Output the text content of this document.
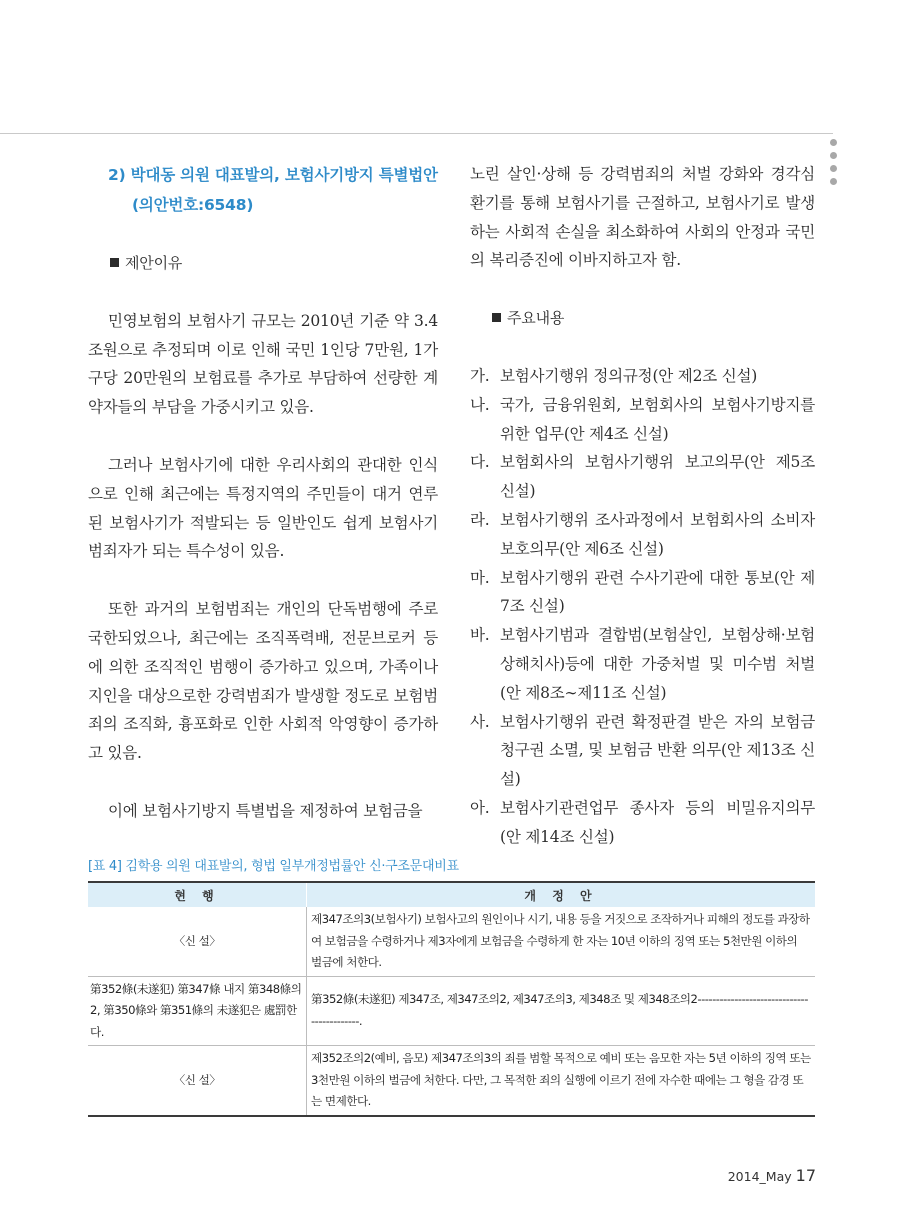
2) 박대동 의원 대표발의, 보험사기방지 특별법안
(의안번호:6548)
제안이유

민영보험의 보험사기 규모는 2010년 기준 약 3.4조원으로 추정되며 이로 인해 국민 1인당 7만원, 1가구당 20만원의 보험료를 추가로 부담하여 선량한 계약자들의 부담을 가중시키고 있음.

그러나 보험사기에 대한 우리사회의 관대한 인식으로 인해 최근에는 특정지역의 주민들이 대거 연루된 보험사기가 적발되는 등 일반인도 쉽게 보험사기범죄자가 되는 특수성이 있음.

또한 과거의 보험범죄는 개인의 단독범행에 주로 국한되었으나, 최근에는 조직폭력배, 전문브로커 등에 의한 조직적인 범행이 증가하고 있으며, 가족이나 지인을 대상으로한 강력범죄가 발생할 정도로 보험범죄의 조직화, 흉포화로 인한 사회적 악영향이 증가하고 있음.

이에 보험사기방지 특별법을 제정하여 보험금을

노린 살인·상해 등 강력범죄의 처벌 강화와 경각심 환기를 통해 보험사기를 근절하고, 보험사기로 발생하는 사회적 손실을 최소화하여 사회의 안정과 국민의 복리증진에 이바지하고자 함.

주요내용
가. 보험사기행위 정의규정(안 제2조 신설)
나. 국가, 금융위원회, 보험회사의 보험사기방지를 위한 업무(안 제4조 신설)
다. 보험회사의 보험사기행위 보고의무(안 제5조 신설)
라. 보험사기행위 조사과정에서 보험회사의 소비자 보호의무(안 제6조 신설)
마. 보험사기행위 관련 수사기관에 대한 통보(안 제7조 신설)
바. 보험사기범과 결합범(보험살인, 보험상해·보험상해치사)등에 대한 가중처벌 및 미수범 처벌(안 제8조∼제11조 신설)
사. 보험사기행위 관련 확정판결 받은 자의 보험금 청구권 소멸, 및 보험금 반환 의무(안 제13조 신설)
아. 보험사기관련업무 종사자 등의 비밀유지의무(안 제14조 신설)
[표 4] 김학용 의원 대표발의, 형법 일부개정법률안 신·구조문대비표
현 행	개 정 안
〈신 설〉	제347조의3(보험사기) 보험사고의 원인이나 시기, 내용 등을 거짓으로 조작하거나 피해의 정도를 과장하여 보험금을 수령하거나 제3자에게 보험금을 수령하게 한 자는 10년 이하의 징역 또는 5천만원 이하의 벌금에 처한다.
第352條(未遂犯) 第347條 내지 第348條의2, 第350條와 第351條의 未遂犯은 處罰한다.	第352條(未遂犯) 제347조, 제347조의2, 제347조의3, 제348조 및 제348조의2-------------------------------------------.
〈신 설〉	제352조의2(예비, 음모) 제347조의3의 죄를 범할 목적으로 예비 또는 음모한 자는 5년 이하의 징역 또는 3천만원 이하의 벌금에 처한다. 다만, 그 목적한 죄의 실행에 이르기 전에 자수한 때에는 그 형을 감경 또는 면제한다.
2014_May 17
